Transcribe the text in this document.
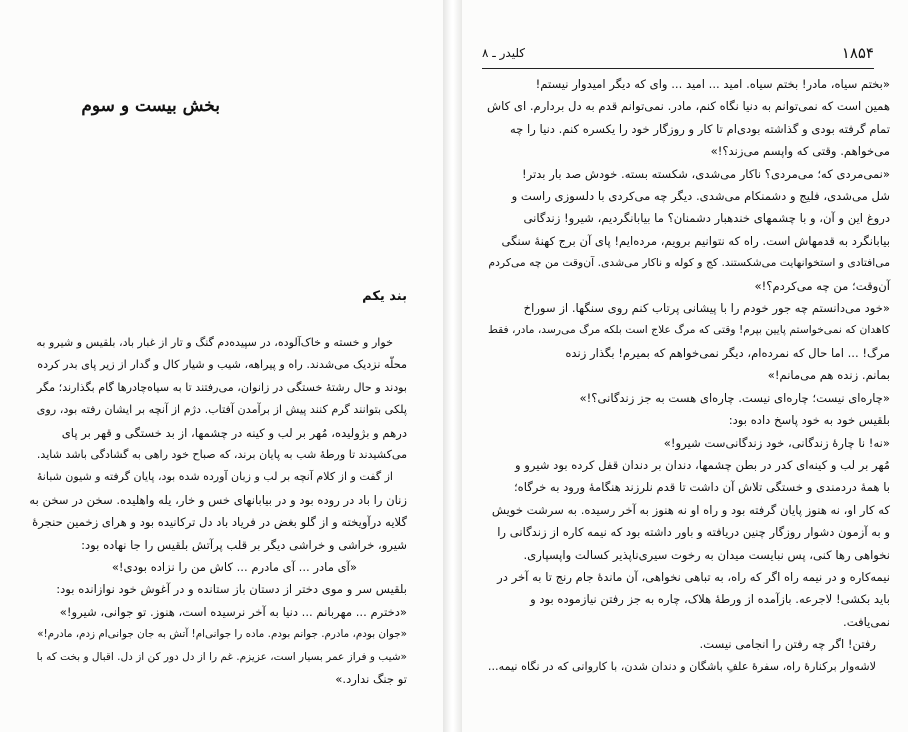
بخش بیست و سوم
بند یکم

خوار و خسته و خاک‌آلوده، در سپیده‌دم گنگ و تار از غبار باد، بلقیس و شیرو به

محلّه نزدیک می‌شدند. راه و پیراهه، شیب و شیار کال و گدار از زیر پای بدر کرده

بودند و حال رشتهٔ خستگی در زانوان، می‌رفتند تا به سیاه‌چادرها گام بگذارند؛ مگر

پلکی بتوانند گرم کنند پیش از برآمدن آفتاب. دژم از آنچه بر ایشان رفته بود، روی

درهم و بژولیده، مُهر بر لب و کینه در چشمها، از بد خستگی و قهر بر پای

می‌کشیدند تا ورطهٔ شب به پایان برند، که صباح خود راهی به گشادگی باشد شاید.

از گفت و از کلام آنچه بر لب و زبان آورده شده بود، پایان گرفته و شیون شبانهٔ

زنان را باد در روده بود و در بیابانهای خس و خار، یله واهلیده. سخن در سخن به

گلایه درآویخته و از گلو بغض در فریاد باد دل ترکانیده بود و هرای زخمین حنجرهٔ

شیرو، خراشی و خراشی دیگر بر قلب پرآتش بلقیس را جا نهاده بود:

«آی مادر ... آی مادرم ... کاش من را نزاده بودی!»

بلقیس سر و موی دختر از دستان باز ستانده و در آغوش خود نوازانده بود:

«دخترم ... مهربانم ... دنیا به آخر نرسیده است، هنوز. تو جوانی، شیرو!»

«جوان بودم، مادرم. جوانم بودم. ماده را جوانی‌ام! آتش به جان جوانی‌ام زدم، مادرم!»

«شیب و فراز عمر بسیار است، عزیزم. غم را از دل دور کن از دل. اقبال و بخت که با

تو جنگ ندارد.»

۱۸۵۴
کلیدر ـ ۸

«بختم سیاه، مادر! بختم سیاه. امید ... امید ... وای که دیگر امیدوار نیستم!

همین است که نمی‌توانم به دنیا نگاه کنم، مادر. نمی‌توانم قدم به دل بردارم. ای کاش

تمام گرفته بودی و گذاشته بودی‌ام تا کار و روزگار خود را یکسره کنم. دنیا را چه

می‌خواهم. وقتی که واپسم می‌زند؟!»

«نمی‌مردی که؛ می‌مردی؟ ناکار می‌شدی، شکسته بسته. خودش صد بار بدتر!

شل می‌شدی، فلیج و دشمنکام می‌شدی. دیگر چه می‌کردی با دلسوزی راست و

دروغ این و آن، و با چشمهای خندهبار دشمنان؟ ما بیابانگردیم، شیرو! زندگانی

بیابانگرد به قدمهاش است. راه که نتوانیم برویم، مرده‌ایم! پای آن برج کهنهٔ سنگی

می‌افتادی و استخوانهایت می‌شکستند. کج و کوله و ناکار می‌شدی. آن‌وقت من چه می‌کردم

آن‌وقت؛ من چه می‌کردم؟!»

«خود می‌دانستم چه جور خودم را با پیشانی پرتاب کنم روی سنگها. از سوراخ

کاهدان که نمی‌خواستم پایین بپرم! وقتی که مرگ علاج است بلکه مرگ می‌رسد، مادر، فقط

مرگ! ... اما حال که نمرده‌ام، دیگر نمی‌خواهم که بمیرم! بگذار زنده

بمانم. زنده هم می‌مانم!»

«چاره‌ای نیست؛ چاره‌ای نیست. چاره‌ای هست به جز زندگانی؟!»

بلقیس خود به خود پاسخ داده بود:

«نه! نا چارهٔ زندگانی، خود زندگانی‌ست شیرو!»

مُهر بر لب و کینه‌ای کدر در بطن چشمها، دندان بر دندان قفل کرده بود شیرو و

با همهٔ دردمندی و خستگی تلاش آن داشت تا قدم نلرزند هنگامهٔ ورود به خرگاه؛

که کار او، نه هنوز پایان گرفته بود و راه او نه هنوز به آخر رسیده. به سرشت خویش

و به آزمون دشوار روزگار چنین دریافته و باور داشته بود که نیمه کاره از زندگانی را

نخواهی رها کنی، پس نبایست میدان به رخوت سیری‌ناپذیر کسالت واپسپاری.

نیمه‌کاره و در نیمه راه اگر که راه، به تباهی نخواهی، آن ماندهٔ جام رنج تا به آخر در

باید بکشی! لاجرعه. بازآمده از ورطهٔ هلاک، چاره به جز رفتن نیازموده بود و

نمی‌یافت.

رفتن! اگر چه رفتن را انجامی نیست.

لاشه‌وار برکنارهٔ راه، سفرهٔ علفِ باشگان و دندان شدن، با کاروانی که در نگاه نیمه...
